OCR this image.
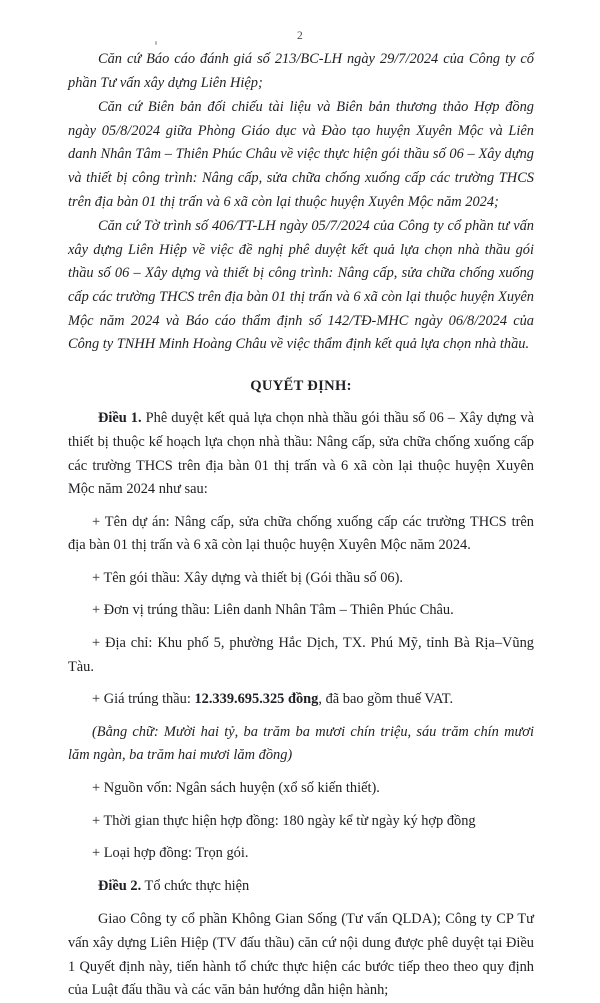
2

Căn cứ Báo cáo đánh giá số 213/BC-LH ngày 29/7/2024 của Công ty cổ phần Tư vấn xây dựng Liên Hiệp;

Căn cứ Biên bản đối chiếu tài liệu và Biên bản thương thảo Hợp đồng ngày 05/8/2024 giữa Phòng Giáo dục và Đào tạo huyện Xuyên Mộc và Liên danh Nhân Tâm – Thiên Phúc Châu về việc thực hiện gói thầu số 06 – Xây dựng và thiết bị công trình: Nâng cấp, sửa chữa chống xuống cấp các trường THCS trên địa bàn 01 thị trấn và 6 xã còn lại thuộc huyện Xuyên Mộc năm 2024;

Căn cứ Tờ trình số 406/TT-LH ngày 05/7/2024 của Công ty cổ phần tư vấn xây dựng Liên Hiệp về việc đề nghị phê duyệt kết quả lựa chọn nhà thầu gói thầu số 06 – Xây dựng và thiết bị công trình: Nâng cấp, sửa chữa chống xuống cấp các trường THCS trên địa bàn 01 thị trấn và 6 xã còn lại thuộc huyện Xuyên Mộc năm 2024 và Báo cáo thẩm định số 142/TĐ-MHC ngày 06/8/2024 của Công ty TNHH Minh Hoàng Châu về việc thẩm định kết quả lựa chọn nhà thầu.

QUYẾT ĐỊNH:

Điều 1. Phê duyệt kết quả lựa chọn nhà thầu gói thầu số 06 – Xây dựng và thiết bị thuộc kế hoạch lựa chọn nhà thầu: Nâng cấp, sửa chữa chống xuống cấp các trường THCS trên địa bàn 01 thị trấn và 6 xã còn lại thuộc huyện Xuyên Mộc năm 2024 như sau:

+ Tên dự án: Nâng cấp, sửa chữa chống xuống cấp các trường THCS trên địa bàn 01 thị trấn và 6 xã còn lại thuộc huyện Xuyên Mộc năm 2024.

+ Tên gói thầu: Xây dựng và thiết bị (Gói thầu số 06).

+ Đơn vị trúng thầu: Liên danh Nhân Tâm – Thiên Phúc Châu.

+ Địa chỉ: Khu phố 5, phường Hắc Dịch, TX. Phú Mỹ, tỉnh Bà Rịa–Vũng Tàu.

+ Giá trúng thầu: 12.339.695.325 đồng, đã bao gồm thuế VAT.

(Bằng chữ: Mười hai tỷ, ba trăm ba mươi chín triệu, sáu trăm chín mươi lăm ngàn, ba trăm hai mươi lăm đồng)

+ Nguồn vốn: Ngân sách huyện (xổ số kiến thiết).

+ Thời gian thực hiện hợp đồng: 180 ngày kể từ ngày ký hợp đồng

+ Loại hợp đồng: Trọn gói.

Điều 2. Tổ chức thực hiện

Giao Công ty cổ phần Không Gian Sống (Tư vấn QLDA); Công ty CP Tư vấn xây dựng Liên Hiệp (TV đấu thầu) căn cứ nội dung được phê duyệt tại Điều 1 Quyết định này, tiến hành tổ chức thực hiện các bước tiếp theo theo quy định của Luật đấu thầu và các văn bản hướng dẫn hiện hành;
